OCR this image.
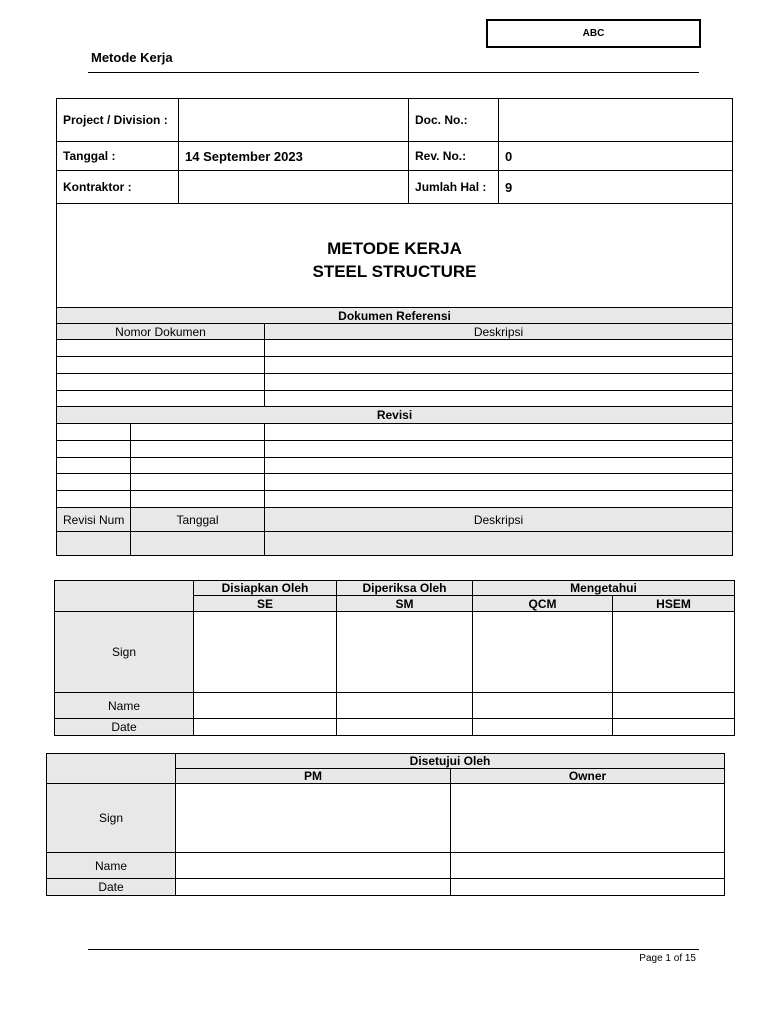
ABC
Metode Kerja
Project / Division :				Doc. No.:	
Tanggal :		14 September 2023		Rev. No.:	0
Kontraktor :				Jumlah Hal :	9

METODE KERJA
STEEL STRUCTURE					

Dokumen Referensi					
Nomor Dokumen			Deskripsi		

Revisi					

Revisi Num	Tanggal		Deskripsi		

	Disiapkan Oleh	Diperiksa Oleh	Mengetahui	
	SE	SM	QCM	HSEM
Sign				
Name				
Date				
	Disetujui Oleh	
	PM	Owner
Sign		
Name		
Date		
Page 1 of 15
